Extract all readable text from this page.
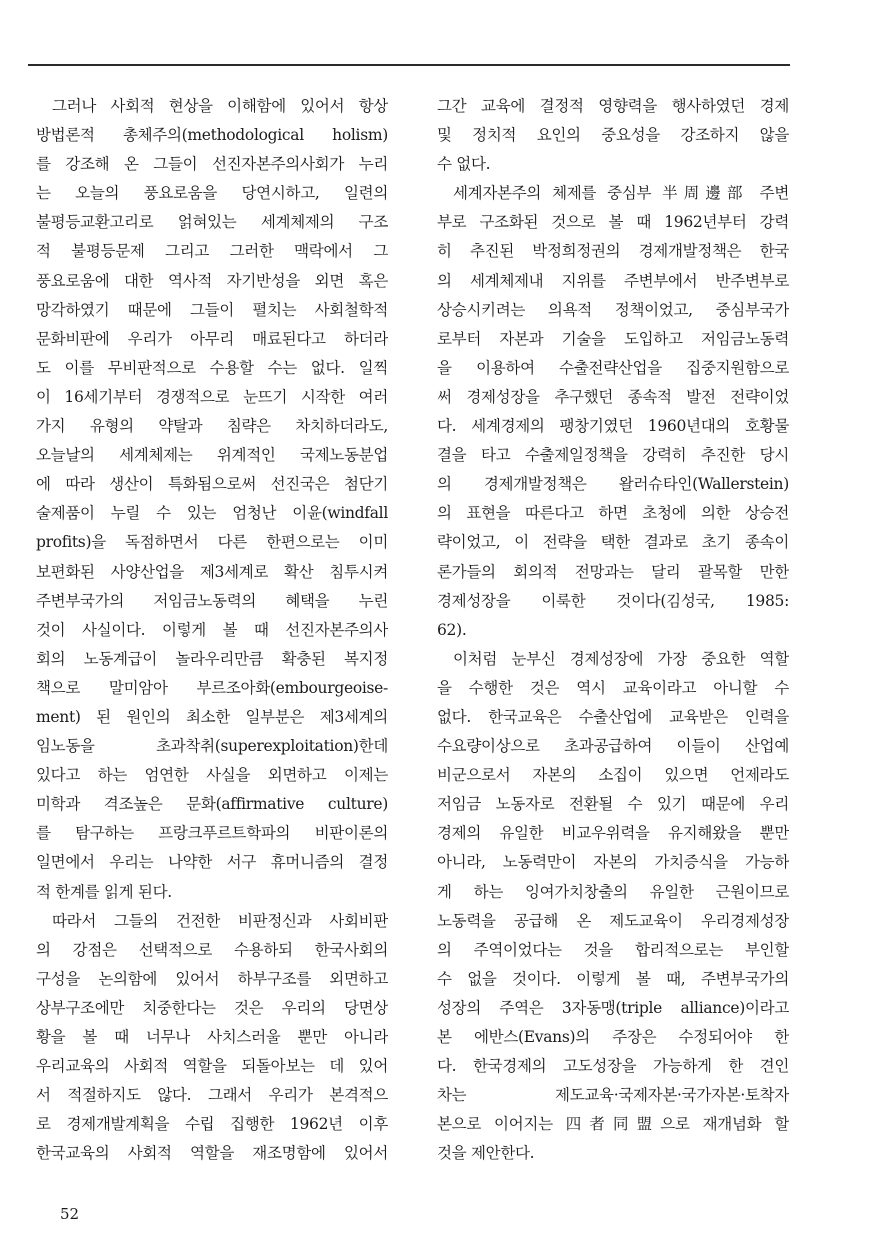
그러나 사회적 현상을 이해함에 있어서 항상
방법론적 총체주의(methodological holism)
를 강조해 온 그들이 선진자본주의사회가 누리
는 오늘의 풍요로움을 당연시하고, 일련의
불평등교환고리로 얽혀있는 세계체제의 구조
적 불평등문제 그리고 그러한 맥락에서 그
풍요로움에 대한 역사적 자기반성을 외면 혹은
망각하였기 때문에 그들이 펼치는 사회철학적
문화비판에 우리가 아무리 매료된다고 하더라
도 이를 무비판적으로 수용할 수는 없다. 일찍
이 16세기부터 경쟁적으로 눈뜨기 시작한 여러
가지 유형의 약탈과 침략은 차치하더라도,
오늘날의 세계체제는 위계적인 국제노동분업
에 따라 생산이 특화됨으로써 선진국은 첨단기
술제품이 누릴 수 있는 엄청난 이윤(windfall
profits)을 독점하면서 다른 한편으로는 이미
보편화된 사양산업을 제3세계로 확산 침투시켜
주변부국가의 저임금노동력의 혜택을 누린
것이 사실이다. 이렇게 볼 때 선진자본주의사
회의 노동계급이 놀라우리만큼 확충된 복지정
책으로 말미암아 부르조아화(embourgeoise-
ment) 된 원인의 최소한 일부분은 제3세계의
임노동을 초과착취(superexploitation)한데
있다고 하는 엄연한 사실을 외면하고 이제는
미학과 격조높은 문화(affirmative culture)
를 탐구하는 프랑크푸르트학파의 비판이론의
일면에서 우리는 나약한 서구 휴머니즘의 결정
적 한계를 읽게 된다.
따라서 그들의 건전한 비판정신과 사회비판
의 강점은 선택적으로 수용하되 한국사회의
구성을 논의함에 있어서 하부구조를 외면하고
상부구조에만 치중한다는 것은 우리의 당면상
황을 볼 때 너무나 사치스러울 뿐만 아니라
우리교육의 사회적 역할을 되돌아보는 데 있어
서 적절하지도 않다. 그래서 우리가 본격적으
로 경제개발계획을 수립 집행한 1962년 이후
한국교육의 사회적 역할을 재조명함에 있어서
그간 교육에 결정적 영향력을 행사하였던 경제
및 정치적 요인의 중요성을 강조하지 않을
수 없다.
세계자본주의 체제를 중심부 半周邊部 주변
부로 구조화된 것으로 볼 때 1962년부터 강력
히 추진된 박정희정권의 경제개발정책은 한국
의 세계체제내 지위를 주변부에서 반주변부로
상승시키려는 의욕적 정책이었고, 중심부국가
로부터 자본과 기술을 도입하고 저임금노동력
을 이용하여 수출전략산업을 집중지원함으로
써 경제성장을 추구했던 종속적 발전 전략이었
다. 세계경제의 팽창기였던 1960년대의 호황물
결을 타고 수출제일정책을 강력히 추진한 당시
의 경제개발정책은 왈러슈타인(Wallerstein)
의 표현을 따른다고 하면 초청에 의한 상승전
략이었고, 이 전략을 택한 결과로 초기 종속이
론가들의 회의적 전망과는 달리 괄목할 만한
경제성장을 이룩한 것이다(김성국, 1985:
62).
이처럼 눈부신 경제성장에 가장 중요한 역할
을 수행한 것은 역시 교육이라고 아니할 수
없다. 한국교육은 수출산업에 교육받은 인력을
수요량이상으로 초과공급하여 이들이 산업예
비군으로서 자본의 소집이 있으면 언제라도
저임금 노동자로 전환될 수 있기 때문에 우리
경제의 유일한 비교우위력을 유지해왔을 뿐만
아니라, 노동력만이 자본의 가치증식을 가능하
게 하는 잉여가치창출의 유일한 근원이므로
노동력을 공급해 온 제도교육이 우리경제성장
의 주역이었다는 것을 합리적으로는 부인할
수 없을 것이다. 이렇게 볼 때, 주변부국가의
성장의 주역은 3자동맹(triple alliance)이라고
본 에반스(Evans)의 주장은 수정되어야 한
다. 한국경제의 고도성장을 가능하게 한 견인
차는 제도교육·국제자본·국가자본·토착자
본으로 이어지는 四者同盟으로 재개념화 할
것을 제안한다.
52
